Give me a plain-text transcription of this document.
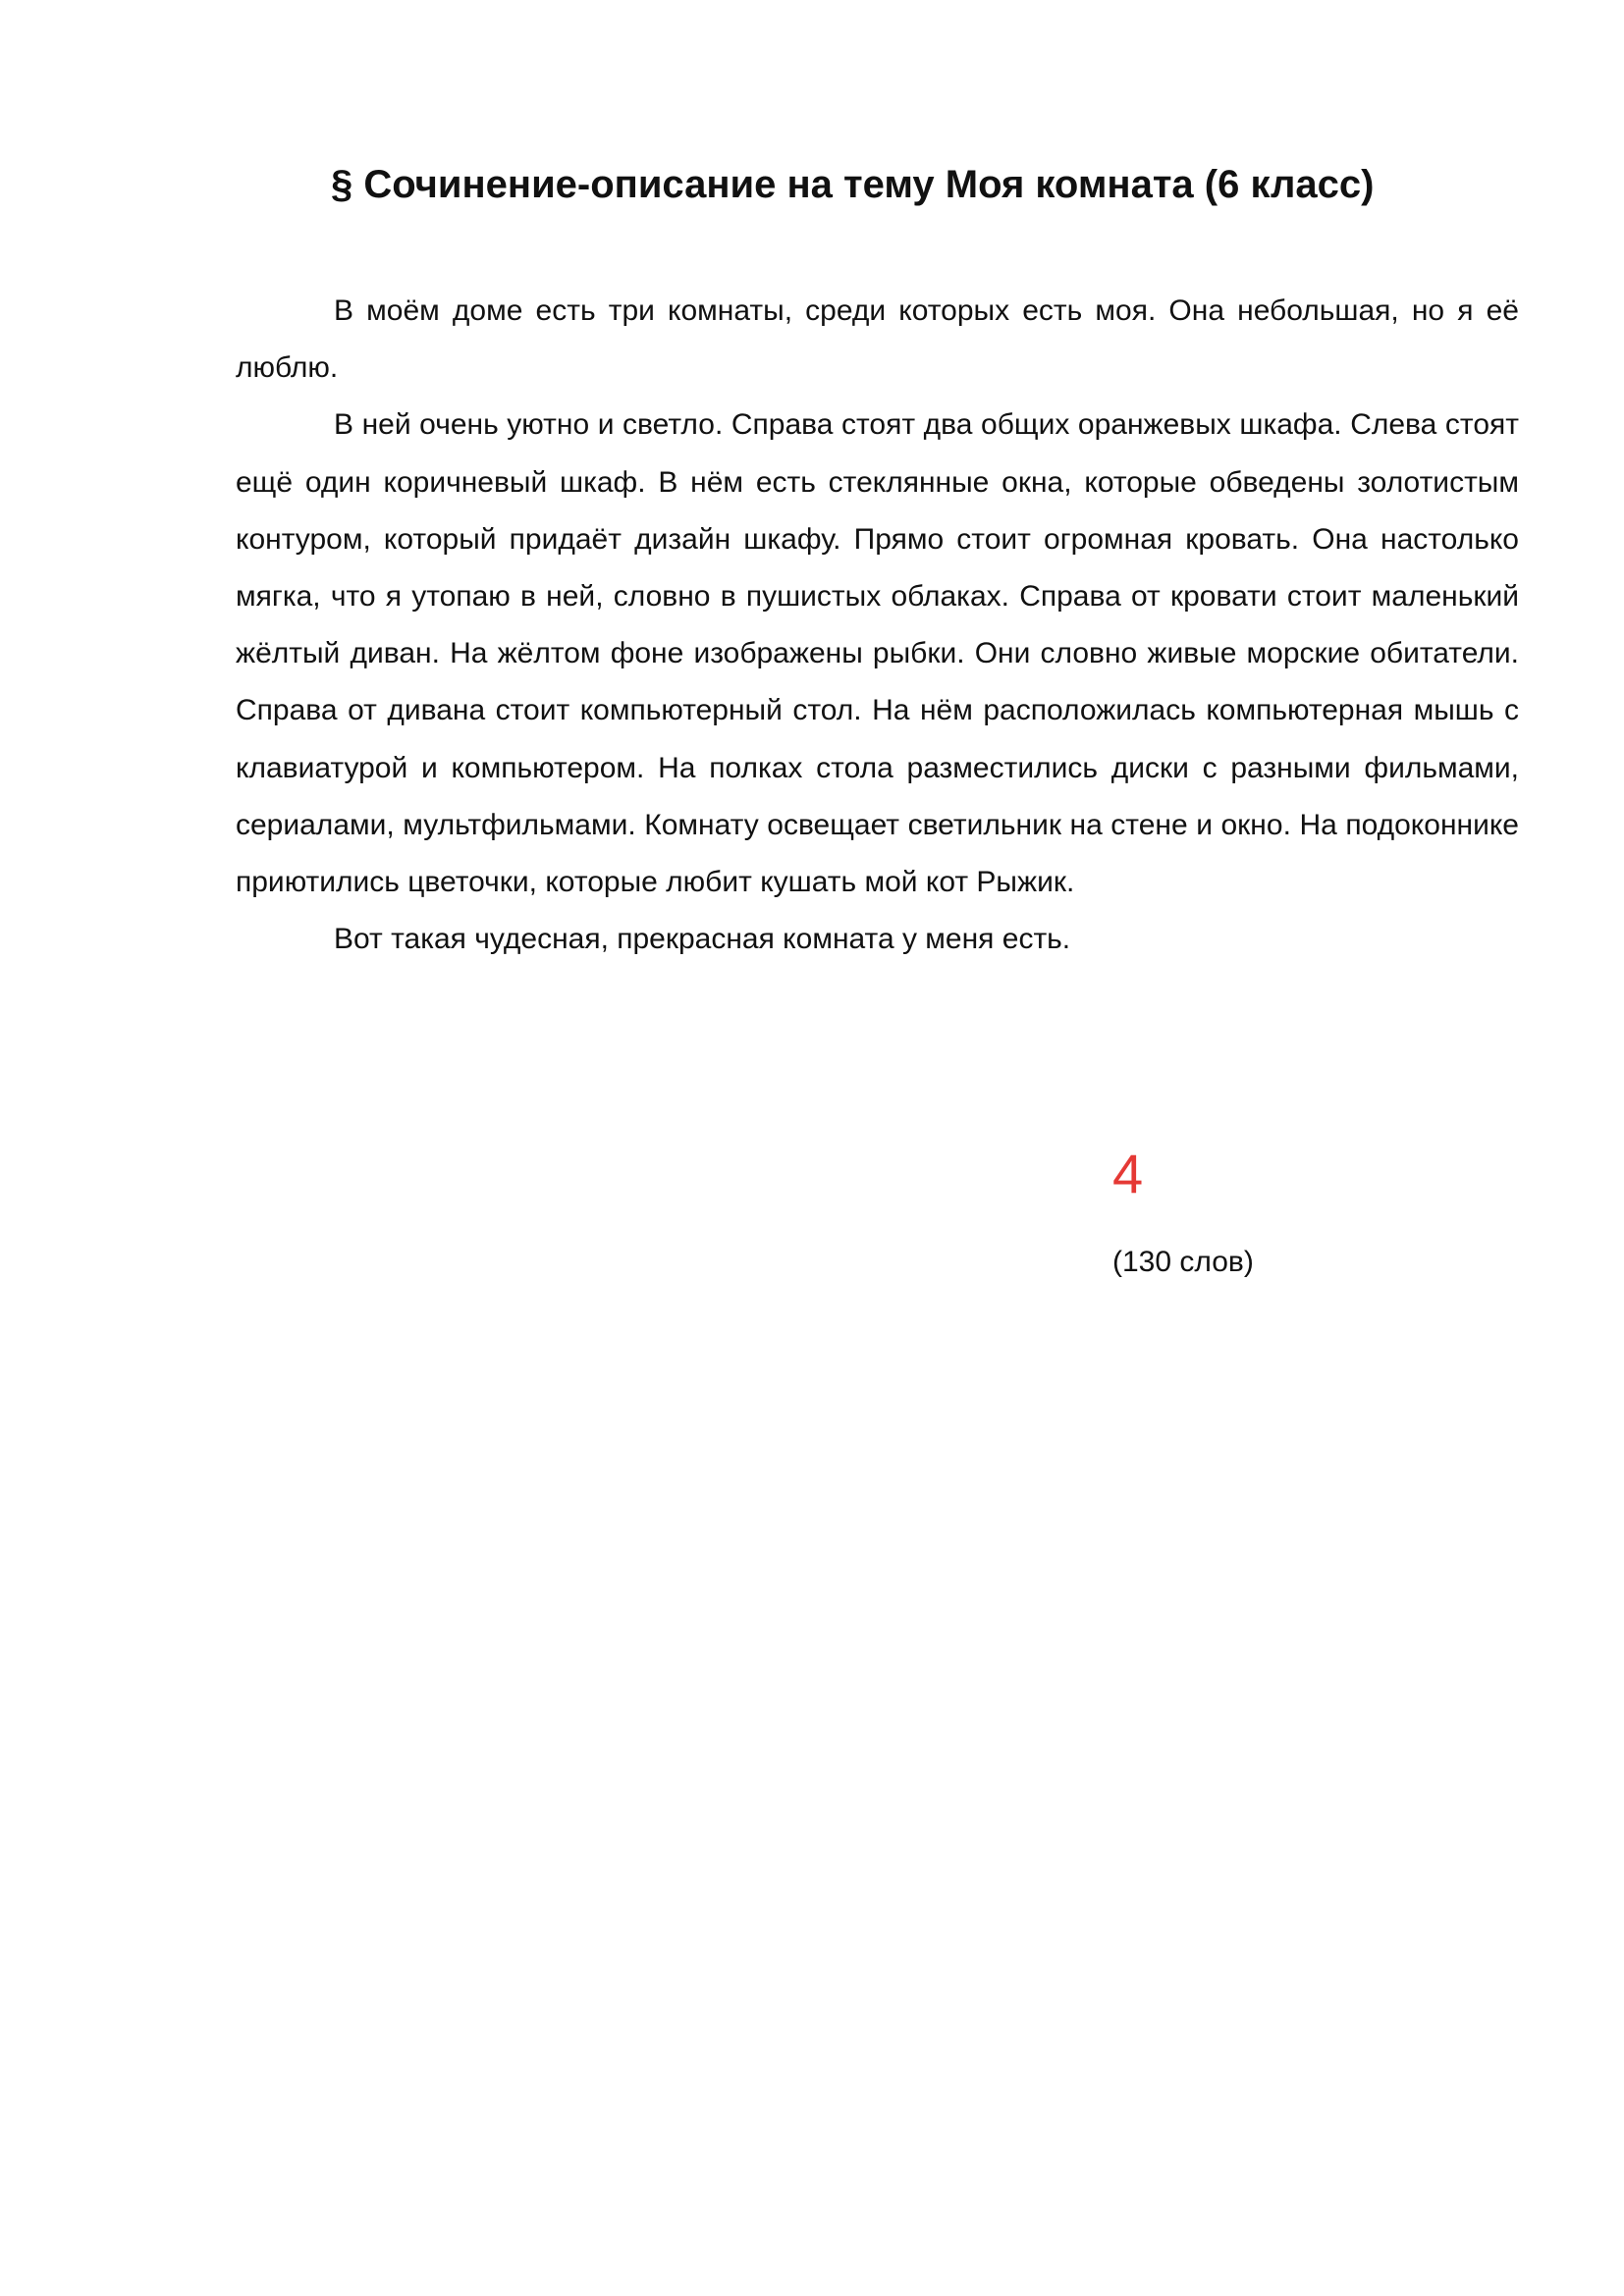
§ Сочинение-описание на тему Моя комната (6 класс)

В моём доме есть три комнаты, среди которых есть моя. Она небольшая, но я её люблю.

В ней очень уютно и светло. Справа стоят два общих оранжевых шкафа. Слева стоят ещё один коричневый шкаф. В нём есть стеклянные окна, которые обведены золотистым контуром, который придаёт дизайн шкафу. Прямо стоит огромная кровать. Она настолько мягка, что я утопаю в ней, словно в пушистых облаках. Справа от кровати стоит маленький жёлтый диван. На жёлтом фоне изображены рыбки. Они словно живые морские обитатели. Справа от дивана стоит компьютерный стол. На нём расположилась компьютерная мышь с клавиатурой и компьютером. На полках стола разместились диски с разными фильмами, сериалами, мультфильмами. Комнату освещает светильник на стене и окно. На подоконнике приютились цветочки, которые любит кушать мой кот Рыжик.

Вот такая чудесная, прекрасная комната у меня есть.

4
(130 слов)
